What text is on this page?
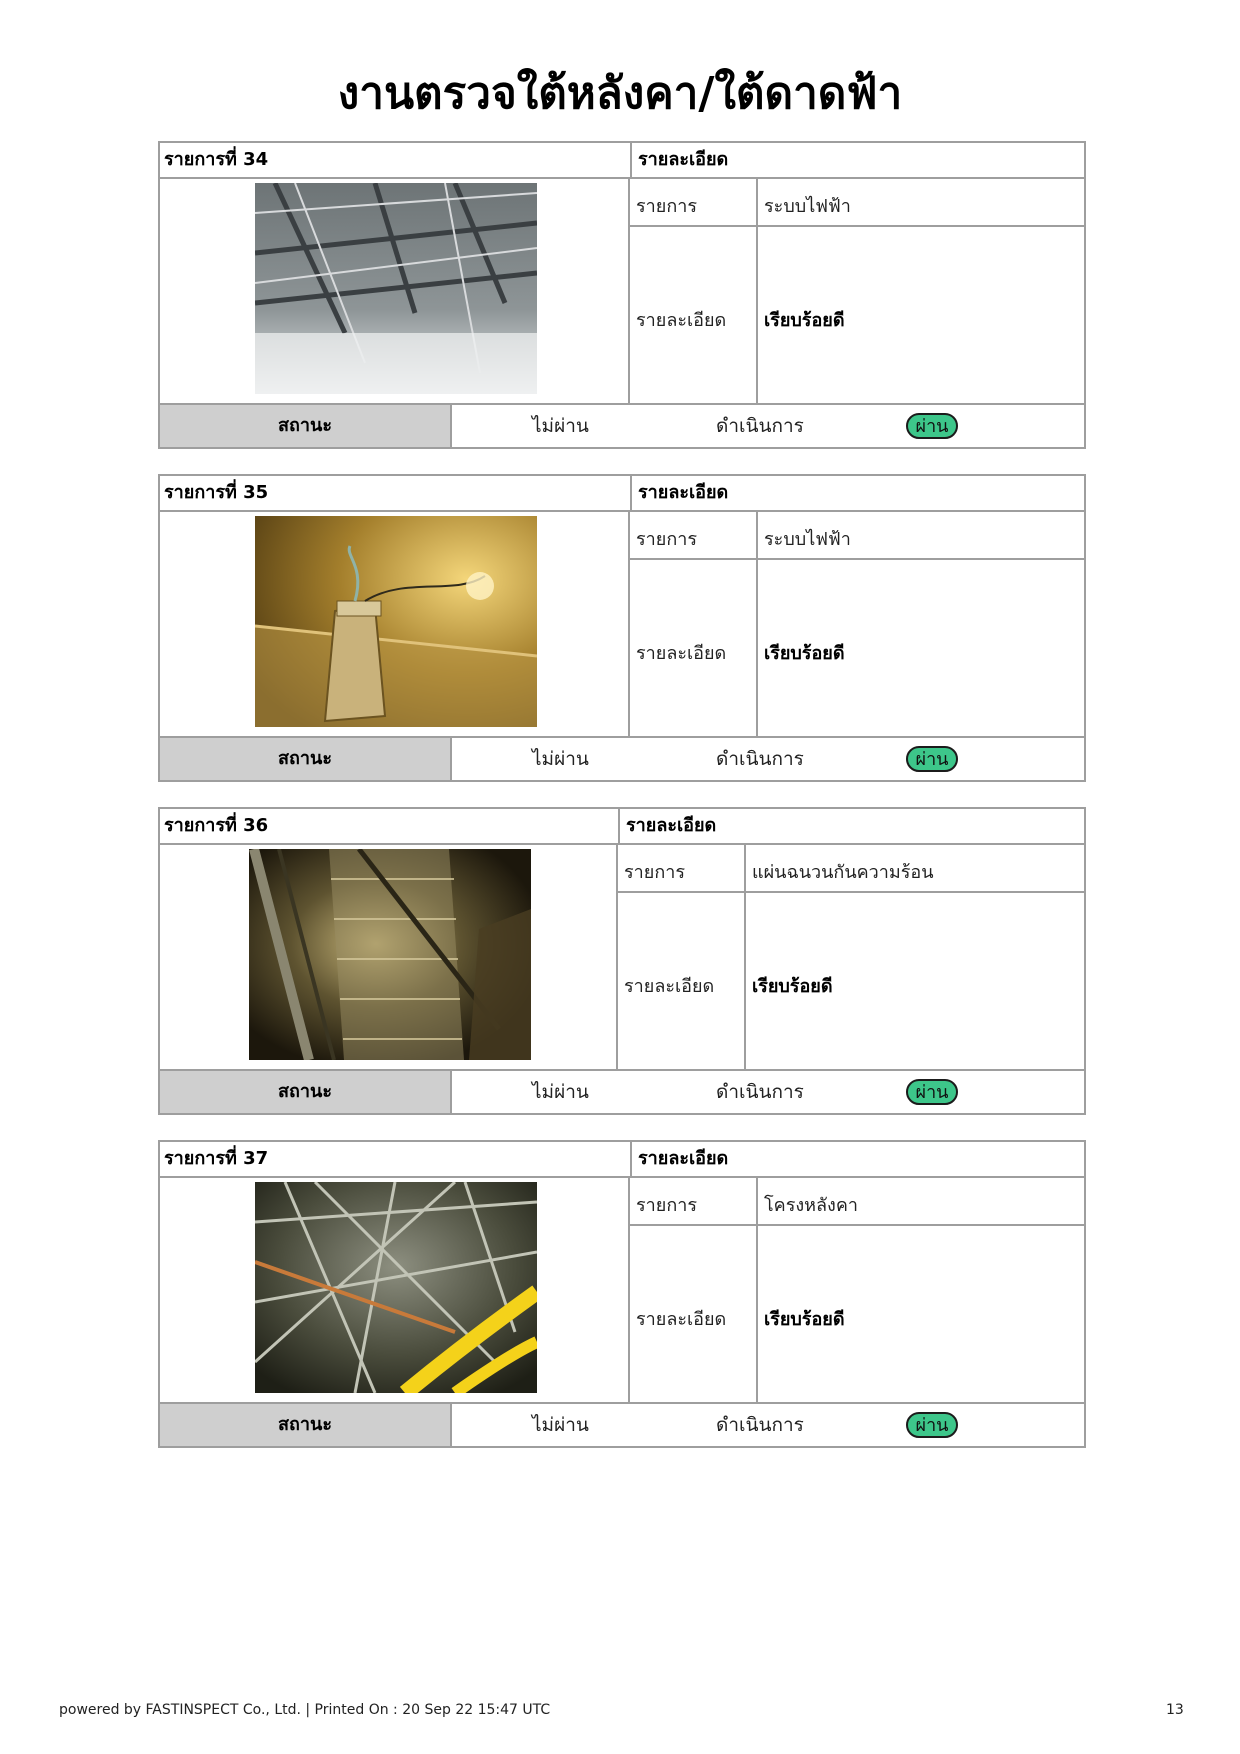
งานตรวจใต้หลังคา/ใต้ดาดฟ้า
รายการที่ 34	รายละเอียด
รายการ	ระบบไฟฟ้า
รายละเอียด เรียบร้อยดี
สถานะ	ไม่ผ่าน	ดำเนินการ	ผ่าน
รายการที่ 35	รายละเอียด
รายการ	ระบบไฟฟ้า
รายละเอียด เรียบร้อยดี
สถานะ	ไม่ผ่าน	ดำเนินการ	ผ่าน
รายการที่ 36	รายละเอียด
รายการ	แผ่นฉนวนกันความร้อน
รายละเอียด เรียบร้อยดี
สถานะ	ไม่ผ่าน	ดำเนินการ	ผ่าน
รายการที่ 37	รายละเอียด
รายการ	โครงหลังคา
รายละเอียด เรียบร้อยดี
สถานะ	ไม่ผ่าน	ดำเนินการ	ผ่าน
powered by FASTINSPECT Co., Ltd. | Printed On : 20 Sep 22 15:47 UTC	13
